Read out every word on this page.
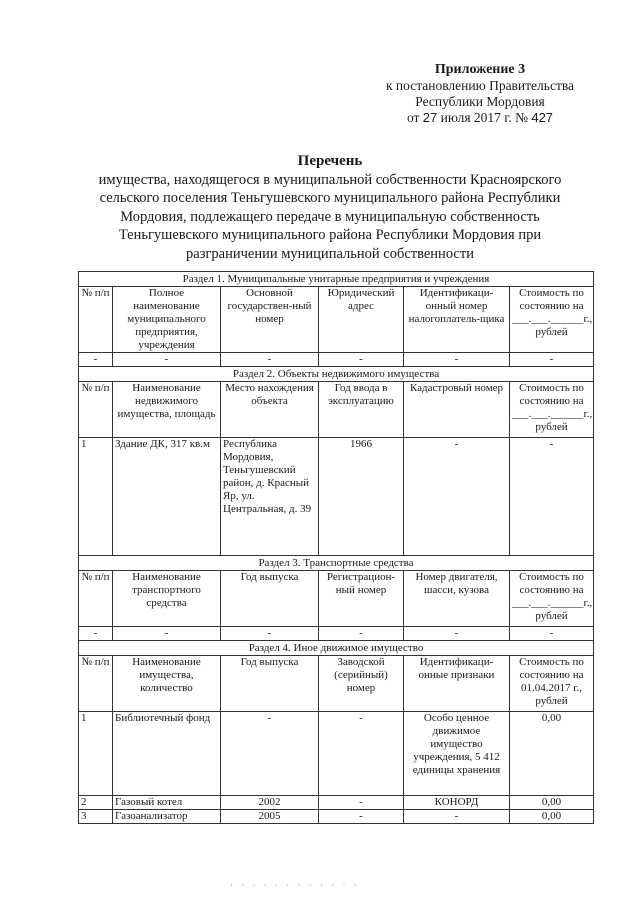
Приложение 3
к постановлению Правительства
Республики Мордовия
от 27 июля 2017 г. № 427
Перечень
имущества, находящегося в муниципальной собственности Красноярского
сельского поселения Теньгушевского муниципального района Республики
Мордовия, подлежащего передаче в муниципальную собственность
Теньгушевского муниципального района Республики Мордовия при
разграничении муниципальной собственности
Раздел 1. Муниципальные унитарные предприятия и учреждения					
№ п/п	Полное наименование муниципального предприятия, учреждения	Основной государствен-ный номер	Юридический адрес	Идентификаци-онный номер налогоплатель-щика	Стоимость по состоянию на ___.___.______г., рублей
-	-	-	-	-	-
Раздел 2. Объекты недвижимого имущества					
№ п/п	Наименование недвижимого имущества, площадь	Место нахождения объекта	Год ввода в эксплуатацию	Кадастровый номер	Стоимость по состоянию на ___.___.______г., рублей
1	Здание ДК, 317 кв.м	Республика Мордовия, Теньгушевский район, д. Красный Яр, ул. Центральная, д. 39	1966	-	-
Раздел 3. Транспортные средства					
№ п/п	Наименование транспортного средства	Год выпуска	Регистрацион-ный номер	Номер двигателя, шасси, кузова	Стоимость по состоянию на ___.___.______г., рублей
-	-	-	-	-	-
Раздел 4. Иное движимое имущество					
№ п/п	Наименование имущества, количество	Год выпуска	Заводской (серийный) номер	Идентификаци-онные признаки	Стоимость по состоянию на 01.04.2017 г., рублей
1	Библиотечный фонд	-	-	Особо ценное движимое имущество учреждения, 5 412 единицы хранения	0,00
2	Газовый котел	2002	-	КОНОРД	0,00
3	Газоанализатор	2005	-	-	0,00
· · · · · · · · · · · ·
